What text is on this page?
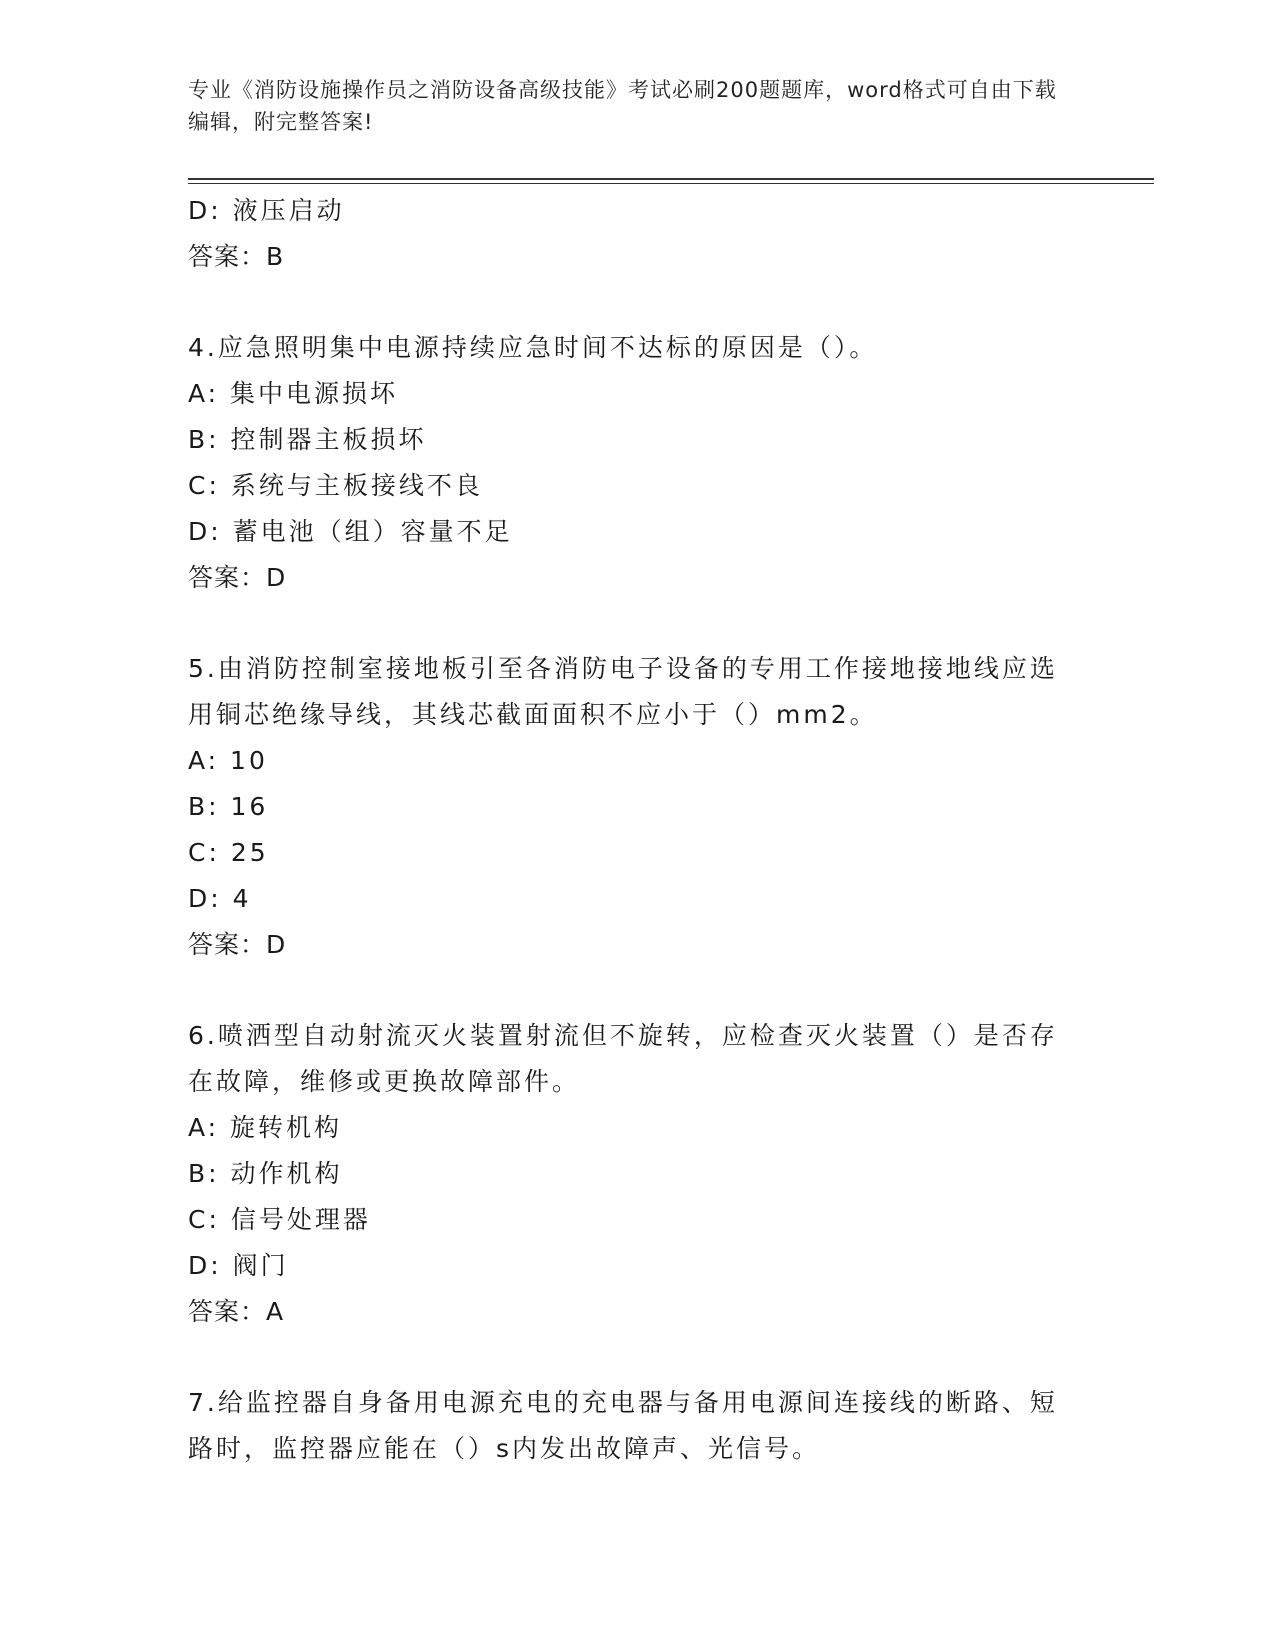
专业《消防设施操作员之消防设备高级技能》考试必刷200题题库，word格式可自由下载编辑，附完整答案!
D: 液压启动
答案：B
4.应急照明集中电源持续应急时间不达标的原因是（）。
A: 集中电源损坏
B: 控制器主板损坏
C: 系统与主板接线不良
D: 蓄电池（组）容量不足
答案：D
5.由消防控制室接地板引至各消防电子设备的专用工作接地接地线应选用铜芯绝缘导线，其线芯截面面积不应小于（）mm2。
A: 10
B: 16
C: 25
D: 4
答案：D
6.喷洒型自动射流灭火装置射流但不旋转，应检查灭火装置（）是否存在故障，维修或更换故障部件。
A: 旋转机构
B: 动作机构
C: 信号处理器
D: 阀门
答案：A
7.给监控器自身备用电源充电的充电器与备用电源间连接线的断路、短路时，监控器应能在（）s内发出故障声、光信号。
